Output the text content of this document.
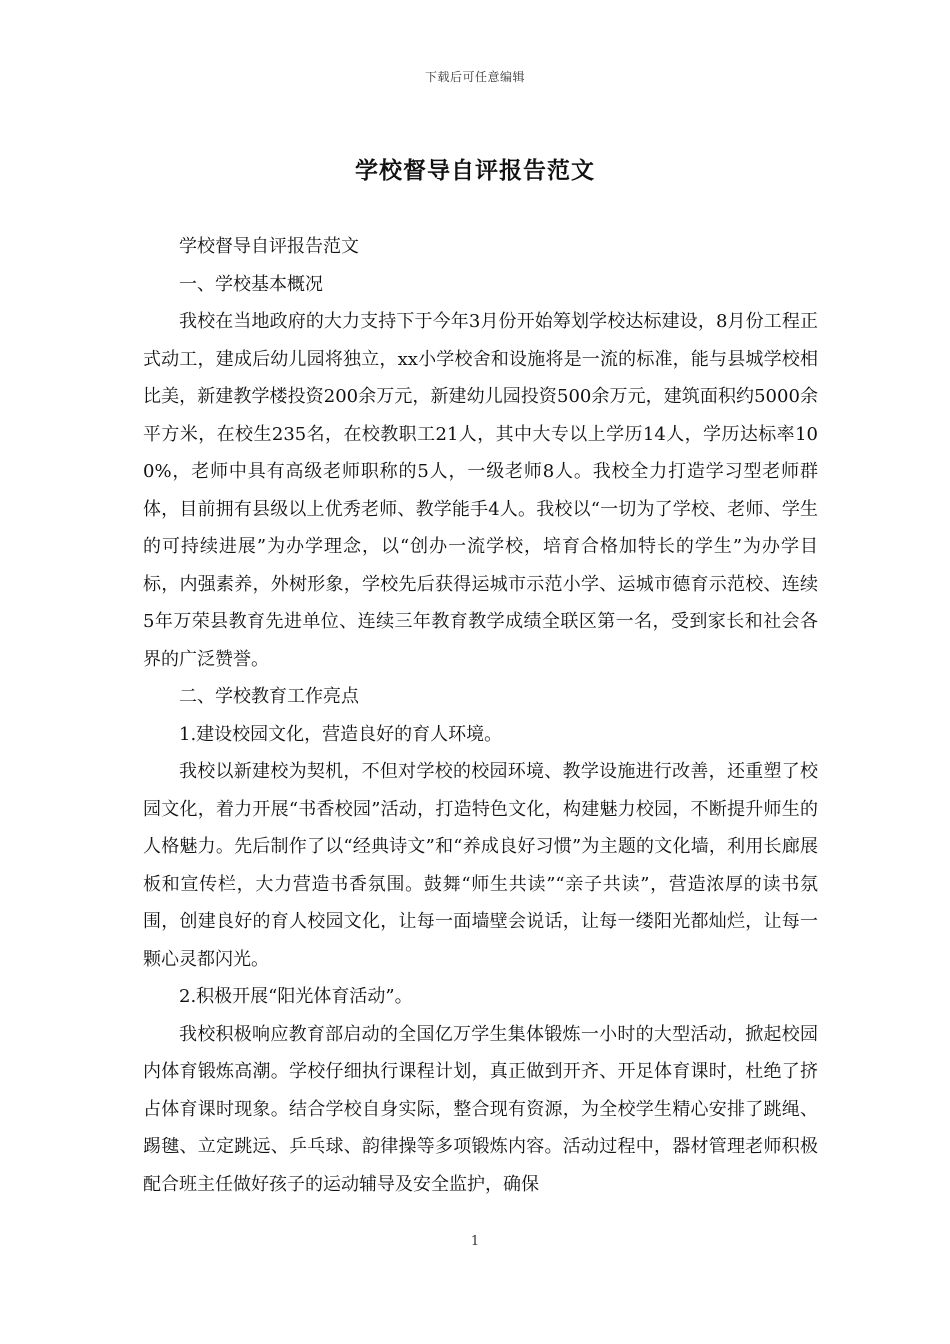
下载后可任意编辑
学校督导自评报告范文

学校督导自评报告范文

一、学校基本概况

我校在当地政府的大力支持下于今年3月份开始筹划学校达标建设，8月份工程正式动工，建成后幼儿园将独立，xx小学校舍和设施将是一流的标准，能与县城学校相比美，新建教学楼投资200余万元，新建幼儿园投资500余万元，建筑面积约5000余平方米，在校生235名，在校教职工21人，其中大专以上学历14人，学历达标率100%，老师中具有高级老师职称的5人，一级老师8人。我校全力打造学习型老师群体，目前拥有县级以上优秀老师、教学能手4人。我校以“一切为了学校、老师、学生的可持续进展”为办学理念，以“创办一流学校，培育合格加特长的学生”为办学目标，内强素养，外树形象，学校先后获得运城市示范小学、运城市德育示范校、连续5年万荣县教育先进单位、连续三年教育教学成绩全联区第一名，受到家长和社会各界的广泛赞誉。

二、学校教育工作亮点

1.建设校园文化，营造良好的育人环境。

我校以新建校为契机，不但对学校的校园环境、教学设施进行改善，还重塑了校园文化，着力开展“书香校园”活动，打造特色文化，构建魅力校园，不断提升师生的人格魅力。先后制作了以“经典诗文”和“养成良好习惯”为主题的文化墙，利用长廊展板和宣传栏，大力营造书香氛围。鼓舞“师生共读”“亲子共读”，营造浓厚的读书氛围，创建良好的育人校园文化，让每一面墙壁会说话，让每一缕阳光都灿烂，让每一颗心灵都闪光。

2.积极开展“阳光体育活动”。

我校积极响应教育部启动的全国亿万学生集体锻炼一小时的大型活动，掀起校园内体育锻炼高潮。学校仔细执行课程计划，真正做到开齐、开足体育课时，杜绝了挤占体育课时现象。结合学校自身实际，整合现有资源，为全校学生精心安排了跳绳、踢毽、立定跳远、乒乓球、韵律操等多项锻炼内容。活动过程中，器材管理老师积极配合班主任做好孩子的运动辅导及安全监护，确保

1
